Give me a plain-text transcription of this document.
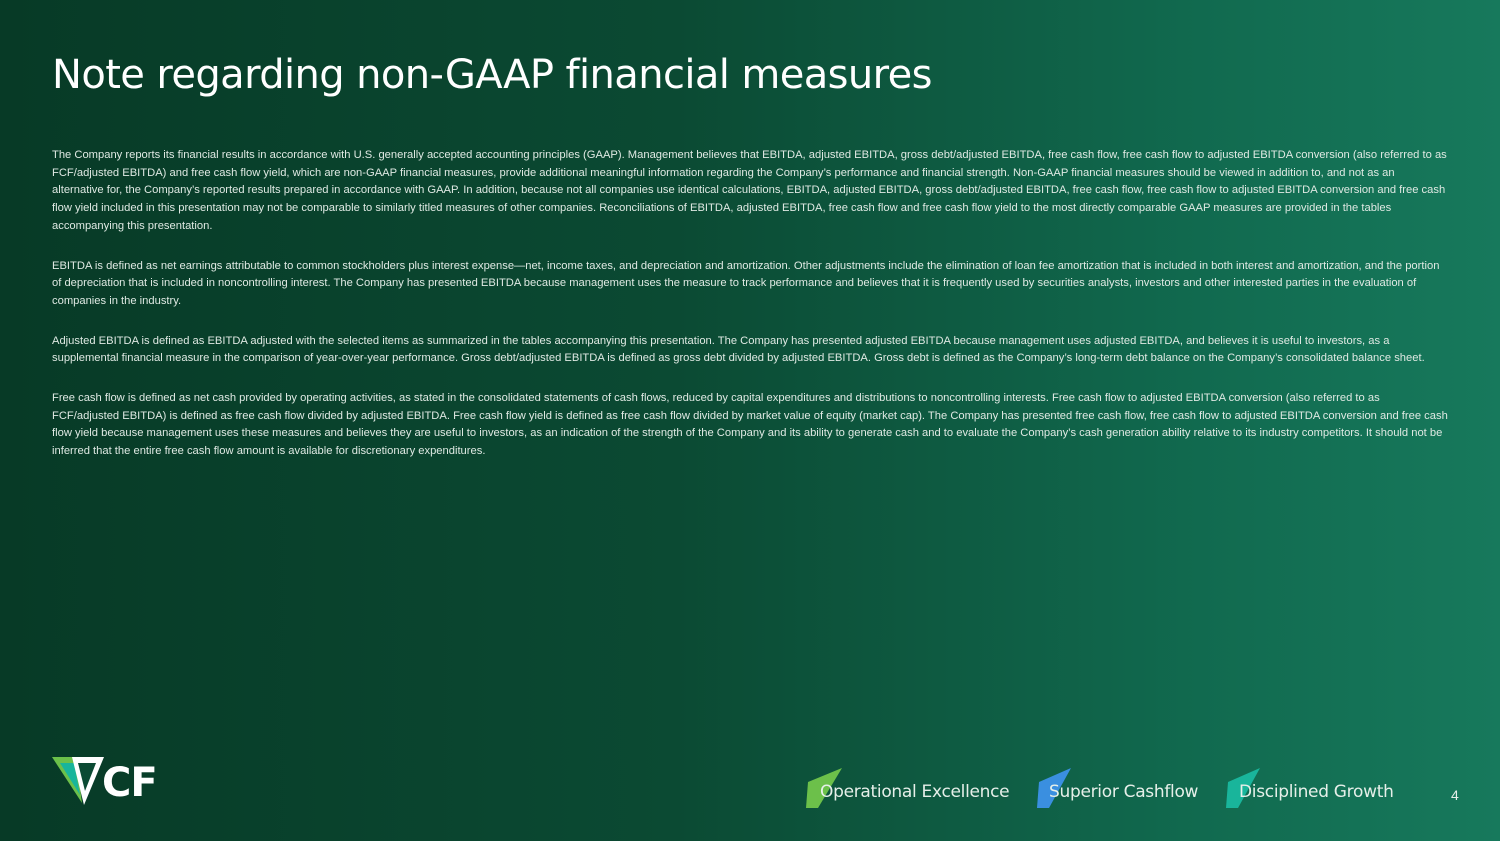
Note regarding non-GAAP financial measures

The Company reports its financial results in accordance with U.S. generally accepted accounting principles (GAAP). Management believes that EBITDA, adjusted EBITDA, gross debt/adjusted EBITDA, free cash flow, free cash flow to adjusted EBITDA conversion (also referred to as FCF/adjusted EBITDA) and free cash flow yield, which are non-GAAP financial measures, provide additional meaningful information regarding the Company’s performance and financial strength. Non-GAAP financial measures should be viewed in addition to, and not as an alternative for, the Company’s reported results prepared in accordance with GAAP. In addition, because not all companies use identical calculations, EBITDA, adjusted EBITDA, gross debt/adjusted EBITDA, free cash flow, free cash flow to adjusted EBITDA conversion and free cash flow yield included in this presentation may not be comparable to similarly titled measures of other companies. Reconciliations of EBITDA, adjusted EBITDA, free cash flow and free cash flow yield to the most directly comparable GAAP measures are provided in the tables accompanying this presentation.

EBITDA is defined as net earnings attributable to common stockholders plus interest expense—net, income taxes, and depreciation and amortization. Other adjustments include the elimination of loan fee amortization that is included in both interest and amortization, and the portion of depreciation that is included in noncontrolling interest. The Company has presented EBITDA because management uses the measure to track performance and believes that it is frequently used by securities analysts, investors and other interested parties in the evaluation of companies in the industry.

Adjusted EBITDA is defined as EBITDA adjusted with the selected items as summarized in the tables accompanying this presentation. The Company has presented adjusted EBITDA because management uses adjusted EBITDA, and believes it is useful to investors, as a supplemental financial measure in the comparison of year-over-year performance. Gross debt/adjusted EBITDA is defined as gross debt divided by adjusted EBITDA. Gross debt is defined as the Company’s long-term debt balance on the Company’s consolidated balance sheet.

Free cash flow is defined as net cash provided by operating activities, as stated in the consolidated statements of cash flows, reduced by capital expenditures and distributions to noncontrolling interests. Free cash flow to adjusted EBITDA conversion (also referred to as FCF/adjusted EBITDA) is defined as free cash flow divided by adjusted EBITDA. Free cash flow yield is defined as free cash flow divided by market value of equity (market cap). The Company has presented free cash flow, free cash flow to adjusted EBITDA conversion and free cash flow yield because management uses these measures and believes they are useful to investors, as an indication of the strength of the Company and its ability to generate cash and to evaluate the Company’s cash generation ability relative to its industry competitors. It should not be inferred that the entire free cash flow amount is available for discretionary expenditures.

CF	Operational Excellence Superior Cashflow Disciplined Growth	4
